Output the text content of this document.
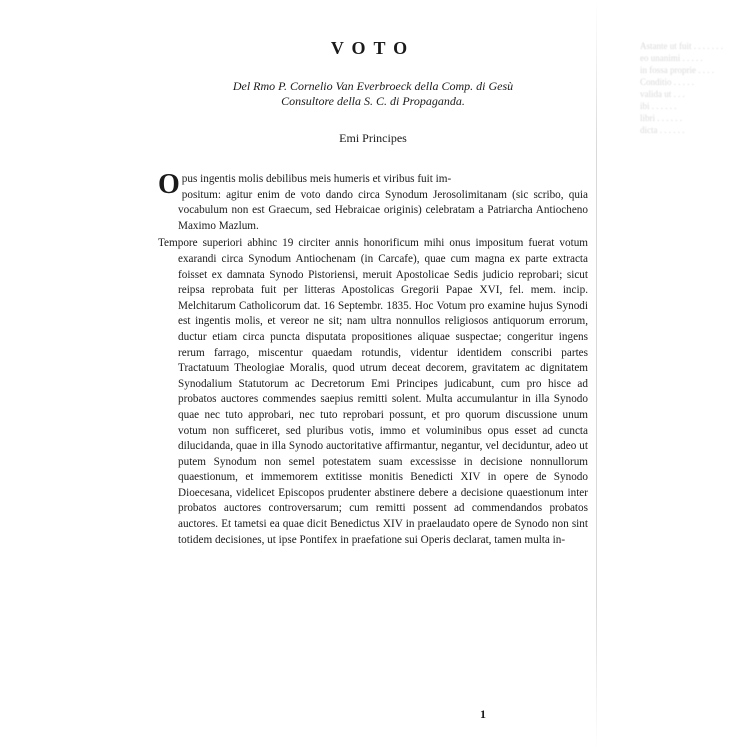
Astante ut fuit . . . . . . .
eo unanimi . . . . .
in fossa proprie . . . .
Conditio . . . . .
valida ut . . .
ibi . . . . . .
libri . . . . . .
dicta . . . . . .
VOTO
Del Rmo P. Cornelio Van Everbroeck della Comp. di Gesù
Consultore della S. C. di Propaganda.
Emi Principes

Opus ingentis molis debilibus meis humeris et viribus fuit im-
positum: agitur enim de voto dando circa Synodum Jerosolimitanam (sic scribo, quia vocabulum non est Graecum, sed Hebraicae originis) celebratam a Patriarcha Antiocheno Maximo Mazlum.

Tempore superiori abhinc 19 circiter annis honorificum mihi onus impositum fuerat votum exarandi circa Synodum Antiochenam (in Carcafe), quae cum magna ex parte extracta foisset ex damnata Synodo Pistoriensi, meruit Apostolicae Sedis judicio reprobari; sicut reipsa reprobata fuit per litteras Apostolicas Gregorii Papae XVI, fel. mem. incip. Melchitarum Catholicorum dat. 16 Septembr. 1835. Hoc Votum pro examine hujus Synodi est ingentis molis, et vereor ne sit; nam ultra nonnullos religiosos antiquorum errorum, ductur etiam circa puncta disputata propositiones aliquae suspectae; congeritur ingens rerum farrago, miscentur quaedam rotundis, videntur identidem conscribi partes Tractatuum Theologiae Moralis, quod utrum deceat decorem, gravitatem ac dignitatem Synodalium Statutorum ac Decretorum Emi Principes judicabunt, cum pro hisce ad probatos auctores commendes saepius remitti solent. Multa accumulantur in illa Synodo quae nec tuto approbari, nec tuto reprobari possunt, et pro quorum discussione unum votum non sufficeret, sed pluribus votis, immo et voluminibus opus esset ad cuncta dilucidanda, quae in illa Synodo auctoritative affirmantur, negantur, vel deciduntur, adeo ut putem Synodum non semel potestatem suam excessisse in decisione nonnullorum quaestionum, et immemorem extitisse monitis Benedicti XIV in opere de Synodo Dioecesana, videlicet Episcopos prudenter abstinere debere a decisione quaestionum inter probatos auctores controversarum; cum remitti possent ad commendandos probatos auctores. Et tametsi ea quae dicit Benedictus XIV in praelaudato opere de Synodo non sint totidem decisiones, ut ipse Pontifex in praefatione sui Operis declarat, tamen multa in-

1
